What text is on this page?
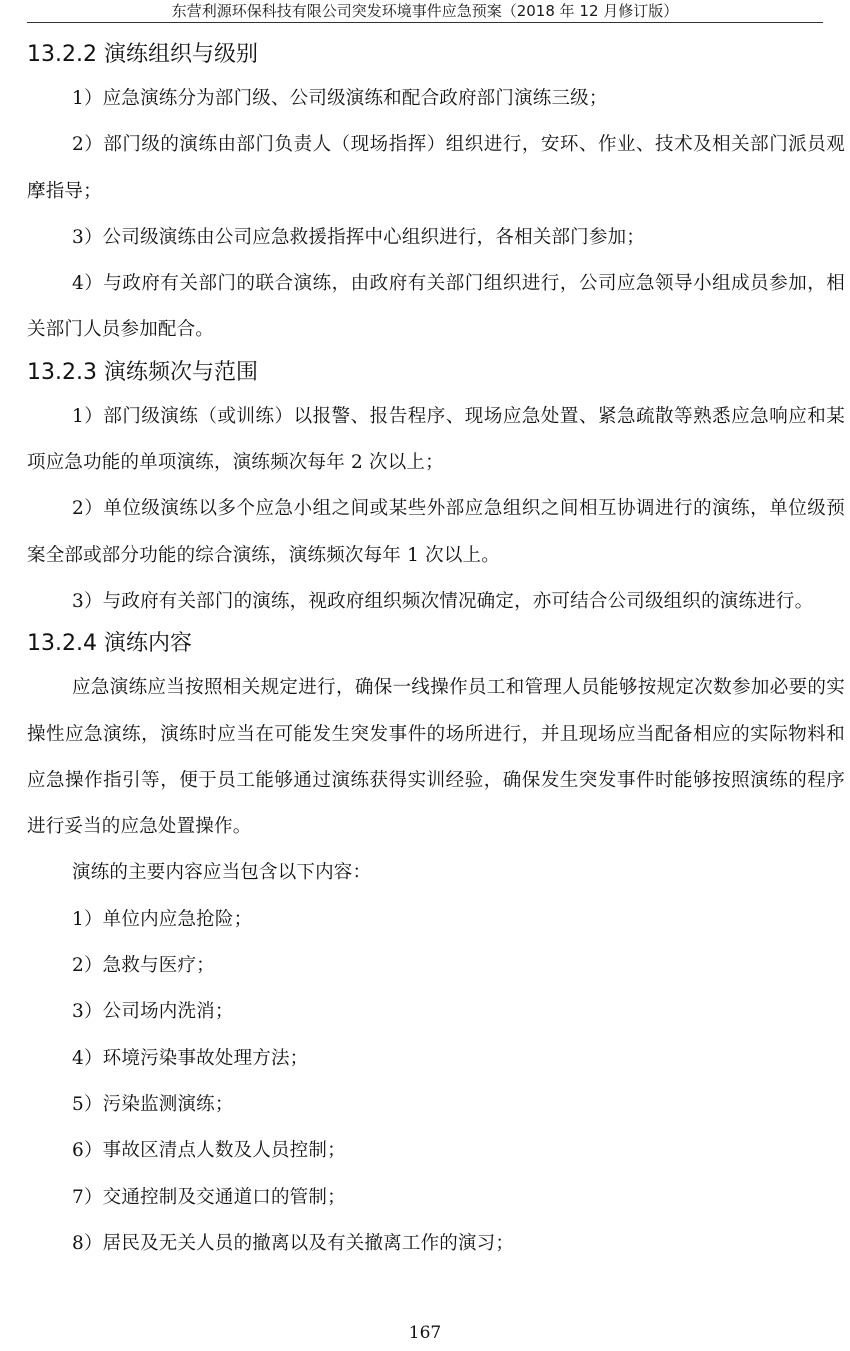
东营利源环保科技有限公司突发环境事件应急预案（2018 年 12 月修订版）
13.2.2 演练组织与级别

1）应急演练分为部门级、公司级演练和配合政府部门演练三级；

2）部门级的演练由部门负责人（现场指挥）组织进行，安环、作业、技术及相关部门派员观摩指导；

3）公司级演练由公司应急救援指挥中心组织进行，各相关部门参加；

4）与政府有关部门的联合演练，由政府有关部门组织进行，公司应急领导小组成员参加，相关部门人员参加配合。

13.2.3 演练频次与范围

1）部门级演练（或训练）以报警、报告程序、现场应急处置、紧急疏散等熟悉应急响应和某项应急功能的单项演练，演练频次每年 2 次以上；

2）单位级演练以多个应急小组之间或某些外部应急组织之间相互协调进行的演练，单位级预案全部或部分功能的综合演练，演练频次每年 1 次以上。

3）与政府有关部门的演练，视政府组织频次情况确定，亦可结合公司级组织的演练进行。

13.2.4 演练内容

应急演练应当按照相关规定进行，确保一线操作员工和管理人员能够按规定次数参加必要的实操性应急演练，演练时应当在可能发生突发事件的场所进行，并且现场应当配备相应的实际物料和应急操作指引等，便于员工能够通过演练获得实训经验，确保发生突发事件时能够按照演练的程序进行妥当的应急处置操作。

演练的主要内容应当包含以下内容：

1）单位内应急抢险；

2）急救与医疗；

3）公司场内洗消；

4）环境污染事故处理方法；

5）污染监测演练；

6）事故区清点人数及人员控制；

7）交通控制及交通道口的管制；

8）居民及无关人员的撤离以及有关撤离工作的演习；

167
